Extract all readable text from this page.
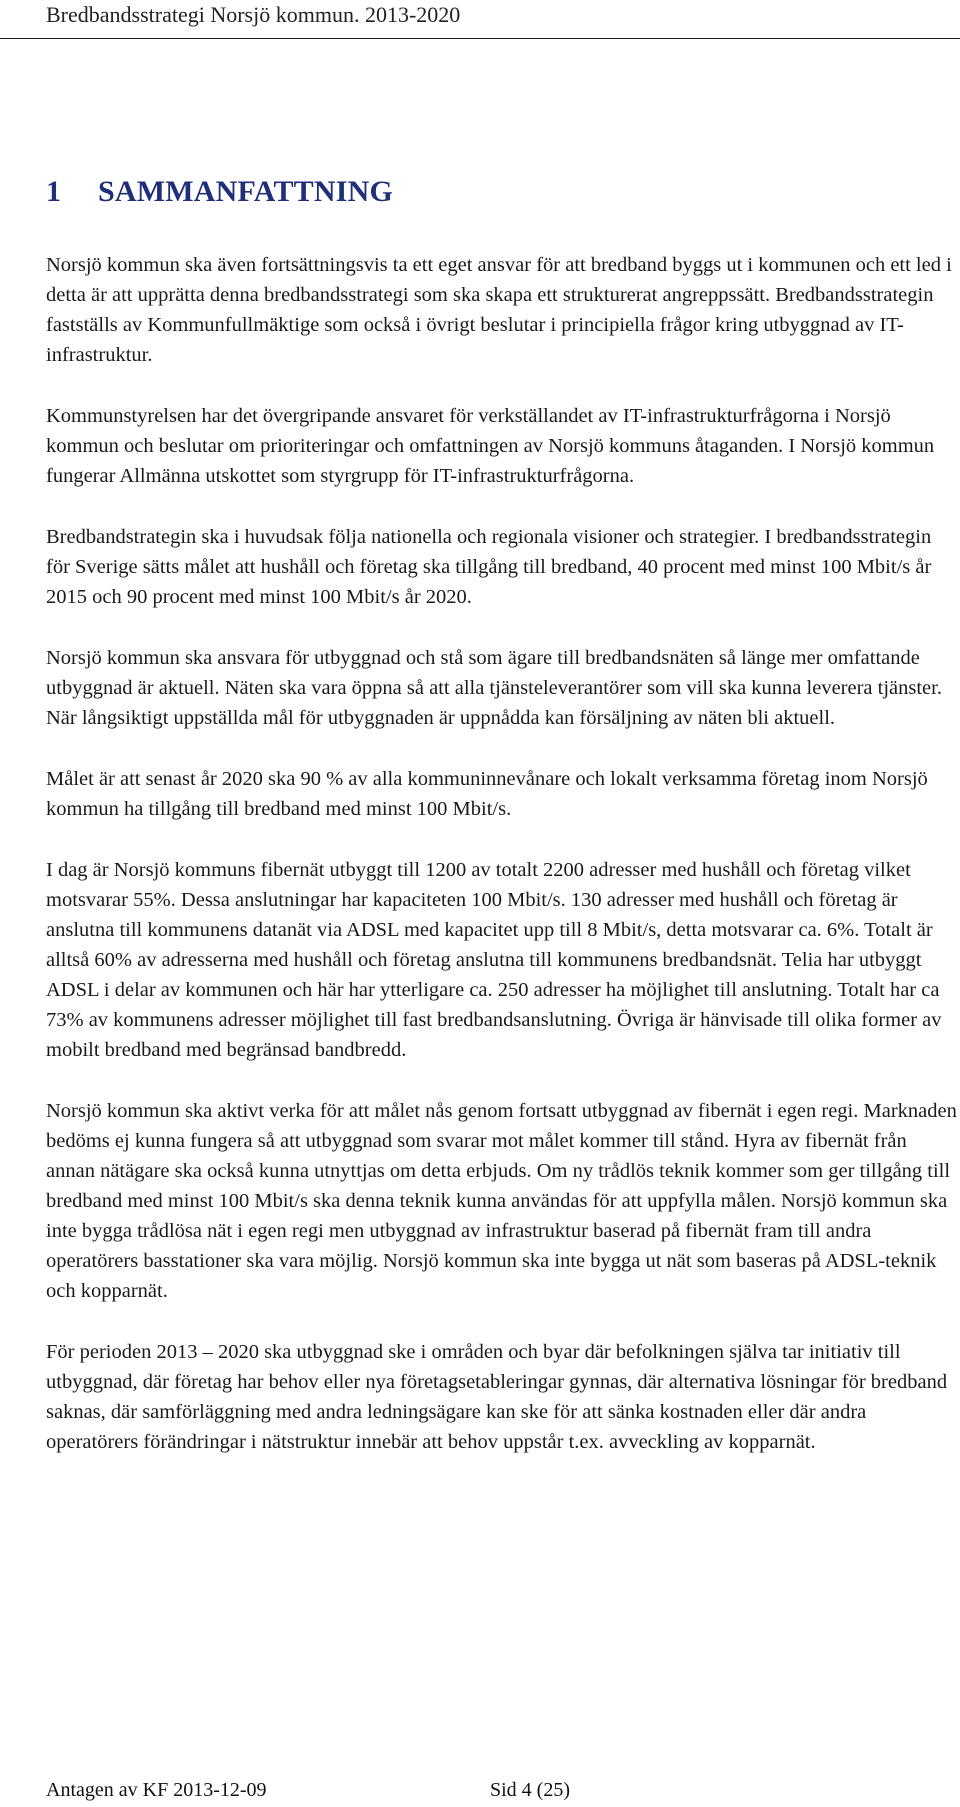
Bredbandsstrategi Norsjö kommun. 2013-2020
1 SAMMANFATTNING

Norsjö kommun ska även fortsättningsvis ta ett eget ansvar för att bredband byggs ut i kommunen och ett led i detta är att upprätta denna bredbandsstrategi som ska skapa ett strukturerat angreppssätt. Bredbandsstrategin fastställs av Kommunfullmäktige som också i övrigt beslutar i principiella frågor kring utbyggnad av IT-infrastruktur.

Kommunstyrelsen har det övergripande ansvaret för verkställandet av IT-infrastrukturfrågorna i Norsjö kommun och beslutar om prioriteringar och omfattningen av Norsjö kommuns åtaganden. I Norsjö kommun fungerar Allmänna utskottet som styrgrupp för IT-infrastrukturfrågorna.

Bredbandstrategin ska i huvudsak följa nationella och regionala visioner och strategier. I bredbandsstrategin för Sverige sätts målet att hushåll och företag ska tillgång till bredband, 40 procent med minst 100 Mbit/s år 2015 och 90 procent med minst 100 Mbit/s år 2020.

Norsjö kommun ska ansvara för utbyggnad och stå som ägare till bredbandsnäten så länge mer omfattande utbyggnad är aktuell. Näten ska vara öppna så att alla tjänsteleverantörer som vill ska kunna leverera tjänster. När långsiktigt uppställda mål för utbyggnaden är uppnådda kan försäljning av näten bli aktuell.

Målet är att senast år 2020 ska 90 % av alla kommuninnevånare och lokalt verksamma företag inom Norsjö kommun ha tillgång till bredband med minst 100 Mbit/s.

I dag är Norsjö kommuns fibernät utbyggt till 1200 av totalt 2200 adresser med hushåll och företag vilket motsvarar 55%. Dessa anslutningar har kapaciteten 100 Mbit/s. 130 adresser med hushåll och företag är anslutna till kommunens datanät via ADSL med kapacitet upp till 8 Mbit/s, detta motsvarar ca. 6%. Totalt är alltså 60% av adresserna med hushåll och företag anslutna till kommunens bredbandsnät. Telia har utbyggt ADSL i delar av kommunen och här har ytterligare ca. 250 adresser ha möjlighet till anslutning. Totalt har ca 73% av kommunens adresser möjlighet till fast bredbandsanslutning. Övriga är hänvisade till olika former av mobilt bredband med begränsad bandbredd.

Norsjö kommun ska aktivt verka för att målet nås genom fortsatt utbyggnad av fibernät i egen regi. Marknaden bedöms ej kunna fungera så att utbyggnad som svarar mot målet kommer till stånd. Hyra av fibernät från annan nätägare ska också kunna utnyttjas om detta erbjuds. Om ny trådlös teknik kommer som ger tillgång till bredband med minst 100 Mbit/s ska denna teknik kunna användas för att uppfylla målen. Norsjö kommun ska inte bygga trådlösa nät i egen regi men utbyggnad av infrastruktur baserad på fibernät fram till andra operatörers basstationer ska vara möjlig. Norsjö kommun ska inte bygga ut nät som baseras på ADSL-teknik och kopparnät.

För perioden 2013 – 2020 ska utbyggnad ske i områden och byar där befolkningen själva tar initiativ till utbyggnad, där företag har behov eller nya företagsetableringar gynnas, där alternativa lösningar för bredband saknas, där samförläggning med andra ledningsägare kan ske för att sänka kostnaden eller där andra operatörers förändringar i nätstruktur innebär att behov uppstår t.ex. avveckling av kopparnät.

Antagen av KF 2013-12-09	Sid 4 (25)
